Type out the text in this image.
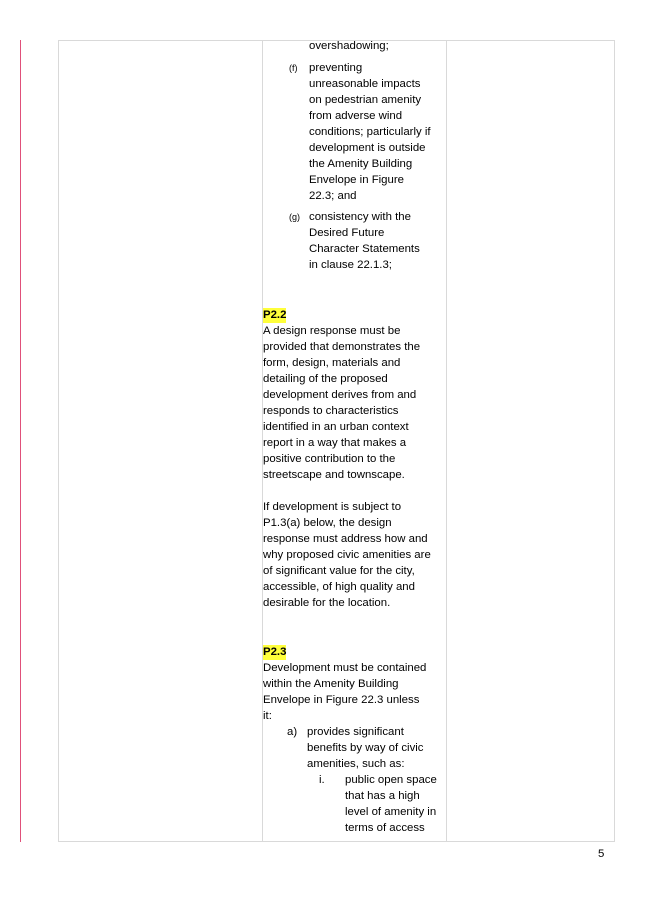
overshadowing;
(f)	preventing
unreasonable impacts
on pedestrian amenity
from adverse wind
conditions; particularly if
development is outside
the Amenity Building
Envelope in Figure
22.3; and
(g) consistency with the
Desired Future
Character Statements
in clause 22.1.3;
P2.2
A design response must be
provided that demonstrates the
form, design, materials and
detailing of the proposed
development derives from and
responds to characteristics
identified in an urban context
report in a way that makes a
positive contribution to the
streetscape and townscape.
If development is subject to
P1.3(a) below, the design
response must address how and
why proposed civic amenities are
of significant value for the city,
accessible, of high quality and
desirable for the location.
P2.3
Development must be contained
within the Amenity Building
Envelope in Figure 22.3 unless
it:
a) provides significant
benefits by way of civic
amenities, such as:
i.	public open space
that has a high
level of amenity in
terms of access
5
